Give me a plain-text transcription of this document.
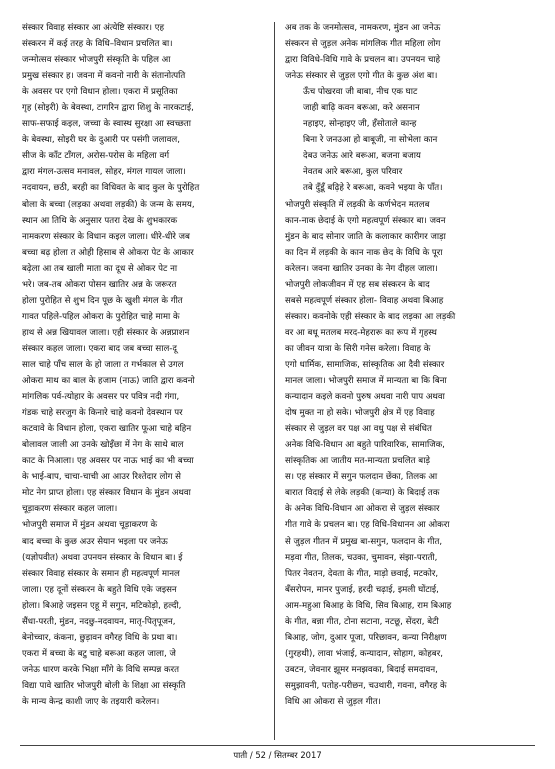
संस्कार विवाह संस्कार आ अंत्येष्टि संस्कार। एह
संस्करन में कई तरह के विधि–विधान प्रचलित बा।
जन्मोत्सव संस्कार भोजपुरी संस्कृति के पहिल आ
प्रमुख संस्कार ह। जवना में कवनो नारी के संतानोत्पति
के अवसर पर एगो विधान होला। एकरा में प्रसूतिका
गृह (सोइरी) के बेवस्था, टागरिन द्वारा शिशु के नारकटाई,
साफ-सफाई कइल, जच्चा के स्वास्थ सुरक्षा आ स्वच्छता
के बेवस्था, सोइरी घर के दुआरी पर पसंगी जलावल,
सीज के काँट टाँगल, अरोस-परोस के महिला वर्ग
द्वारा मंगल-उत्सव मनावल, सोहर, मंगल गायल जाला।
नदवायन, छठी, बरही का विधिवत के बाद कुल के पुरोहित
बोला के बच्चा (लड़का अथवा लड़की) के जन्म के समय,
स्थान आ तिथि के अनुसार पतरा देख के शुभकारक
नामकरण संस्कार के विधान कइल जाला। धीरे-धीरे जब
बच्चा बढ़ होला त ओही हिसाब से ओकरा पेट के आकार
बढ़ेला आ तब खाली माता का दूध से ओकर पेट ना
भरे। जब-तब ओकरा पोसन खातिर अन्न के जरूरत
होला पुरोहित से शुभ दिन पूछ के खुशी मंगल के गीत
गावत पहिले-पहिल ओकरा के पुरोहित चाहे मामा के
हाथ से अन्न खियावल जाला। एही संस्कार के अन्नप्राशन
संस्कार कहल जाला। एकरा बाद जब बच्चा साल-दू
साल चाहे पाँच साल के हो जाला त गर्भकाल से उगल
ओकरा माथ का बाल के हजाम (नाऊ) जाति द्वारा कवनो
मांगलिक पर्व-त्योहार के अवसर पर पवित्र नदी गंगा,
गंडक चाहे सरजुग के किनारे चाहे कवनो देवस्थान पर
कटवावे के विधान होला, एकरा खातिर फूआ चाहे बहिन
बोलावल जाली आ उनके खोइँछा में नेग के साथे बाल
काट के निआला। एह अवसर पर नाऊ भाई का भी बच्चा
के भाई-बाप, चाचा-चाची आ आउर रिश्तेदार लोग से
मोट नेग प्राप्त होला। एह संस्कार विधान के मुंडन अथवा
चूड़ाकरण संस्कार कहल जाला।
भोजपुरी समाज में मुंडन अथवा चूड़ाकरण के
बाद बच्चा के कुछ अउर सेयान भइला पर जनेऊ
(यज्ञोपवीत) अथवा उपनयन संस्कार के विधान बा। ई
संस्कार विवाह संस्कार के समान ही महत्वपूर्ण मानल
जाला। एह दूनों संस्करन के बहुते विधि एके जइसन
होला। बिआहे जइसन एहू में सगुन, मटिकोड़ो, हल्दी,
सैंधा-परती, मुंडन, नदछु-नदवायन, मातृ-पितृपूजन,
बेनोच्चार, कंकना, छुड़ावन वगैरह विधि के प्रथा बा।
एकरा में बच्चा के बटु चाहे बरूआ कहल जाला, जे
जनेऊ धारण करके भिक्षा माँगे के विधि सम्पन्न करत
विद्या पावे खातिर भोजपुरी बोली के शिक्षा आ संस्कृति
के मान्य केन्द्र काशी जाए के तइयारी करेलन।
अब तक के जनमोत्सव, नामकरण, मुंडन आ जनेऊ
संस्करन से जुड़ल अनेक मांगलिक गीत महिला लोग
द्वारा विविधे-विधि गावे के प्रचलन बा। उपनयन चाहे
जनेऊ संस्कार से जुड़ल एगो गीत के कुछ अंश बा।
ऊँच पोखरवा जी बाबा, नीच एक घाट
जाही बाढ़ि कवन बरूआ, करे असनान
नहाइए, सोन्हाइए जी, हँसोताले कान्ह
बिना रे जनउआ हो बाबूजी, ना सोभेला कान
देबउ जनेऊ आरे बरूआ, बजना बजाय
नेवतब आरे बरूआ, कुल परिवार
तबे दुँडूँ बढ़िहे रे बरूआ, कवने भइया के पाँत।
भोजपुरी संस्कृति में लड़की के कर्णभेदन मतलब
कान-नाक छेदाई के एगो महत्वपूर्ण संस्कार बा। जवन
मुंडन के बाद सोनार जाति के कलाकार कारीगर जाड़ा
का दिन में लड़की के कान नाक छेद के विधि के पूरा
करेलन। जवना खातिर उनका के नेग दीहल जाला।
भोजपुरी लोकजीवन में एह सब संस्करन के बाद
सबसे महत्वपूर्ण संस्कार होला- विवाह अथवा बिआह
संस्कार। कवनोके एही संस्कार के बाद लड़का आ लड़की
वर आ बधू मतलब मरद-मेहरारू का रूप में गृहस्थ
का जीवन यात्रा के सिरी गनेस करेला। विवाह के
एगो धार्मिक, सामाजिक, सांस्कृतिक आ दैवी संस्कार
मानल जाला। भोजपुरी समाज में मान्यता बा कि बिना
कन्यादान कइले कवनो पुरुष अथवा नारी पाप अथवा
दोष मुक्त ना हो सके। भोजपुरी क्षेत्र में एह विवाह
संस्कार से जुड़ल वर पक्ष आ वधु पक्ष से संबंधित
अनेक विधि-विधान आ बहुते पारिवारिक, सामाजिक,
सांस्कृतिक आ जातीय मत-मान्यता प्रचलित बाड़े
स। एह संस्कार में सगुन फलदान छेंका, तिलक आ
बारात विदाई से लेके लड़की (कन्या) के बिदाई तक
के अनेक विधि-विधान आ ओकरा से जुड़ल संस्कार
गीत गावे के प्रचलन बा। एह विधि-विधानन आ ओकरा
से जुड़ल गीतन में प्रमुख बा-सगुन, फलदान के गीत,
मड़वा गीत, तिलक, चउका, चुमावन, संझा-पराती,
पितर नेवतन, देवता के गीत, माड़ो छवाई, मटकोर,
बँसरोपन, मानर पुजाई, हरदी चढ़ाई, इमली घोंटाई,
आम-महुआ बिआह के विधि, सिव बिआह, राम बिआह
के गीत, बन्ना गीत, टोना सटाना, नटछू, सेंदरा, बेटी
बिआह, जोग, दुआर पूजा, परिछावन, कन्या निरीक्षण
(गुरहथी), लावा भंजाई, कन्यादान, सोहाग, कोहबर,
उबटन, जेवनार झूमर मनझवका, बिदाई समदावन,
समुझावनी, पतोह-परीछन, चउथारी, गवना, वगैरह के
विधि आ ओकरा से जुड़ल गीत।
पाती / 52 / सितम्बर 2017
